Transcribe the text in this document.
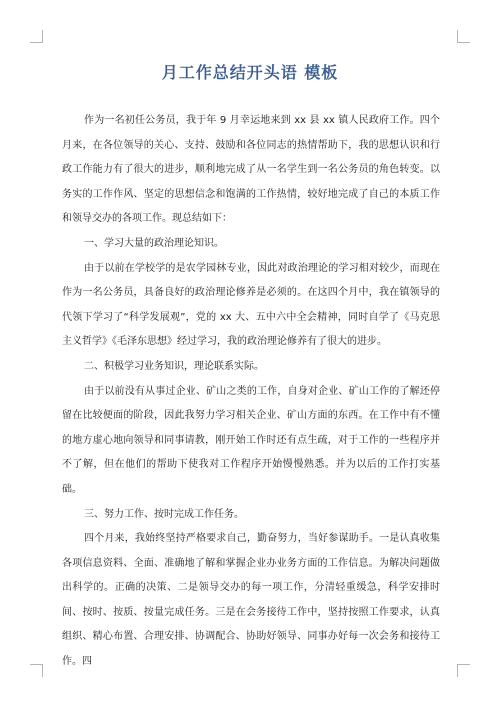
月工作总结开头语 模板

作为一名初任公务员，我于年 9 月幸运地来到 xx 县 xx 镇人民政府工作。四个月来，在各位领导的关心、支持、鼓励和各位同志的热情帮助下，我的思想认识和行政工作能力有了很大的进步，顺利地完成了从一名学生到一名公务员的角色转变。以务实的工作作风、坚定的思想信念和饱满的工作热情，较好地完成了自己的本质工作和领导交办的各项工作。现总结如下：

一、学习大量的政治理论知识。

由于以前在学校学的是农学园林专业，因此对政治理论的学习相对较少，而现在作为一名公务员，具备良好的政治理论修养是必须的。在这四个月中，我在镇领导的代领下学习了“科学发展观”，党的 xx 大、五中六中全会精神，同时自学了《马克思主义哲学》《毛泽东思想》经过学习，我的政治理论修养有了很大的进步。

二、积极学习业务知识，理论联系实际。

由于以前没有从事过企业、矿山之类的工作，自身对企业、矿山工作的了解还停留在比较便面的阶段，因此我努力学习相关企业、矿山方面的东西。在工作中有不懂的地方虚心地向领导和同事请教，刚开始工作时还有点生疏，对于工作的一些程序并不了解，但在他们的帮助下使我对工作程序开始慢慢熟悉。并为以后的工作打实基础。

三、努力工作、按时完成工作任务。

四个月来，我始终坚持严格要求自己，勤奋努力，当好参谋助手。一是认真收集各项信息资料、全面、准确地了解和掌握企业办业务方面的工作信息。为解决问题做出科学的。正确的决策、二是领导交办的每一项工作，分清轻重缓急，科学安排时间、按时、按质、按量完成任务。三是在会务接待工作中，坚持按照工作要求，认真组织、精心布置、合理安排、协调配合、协助好领导、同事办好每一次会务和接待工作。四
